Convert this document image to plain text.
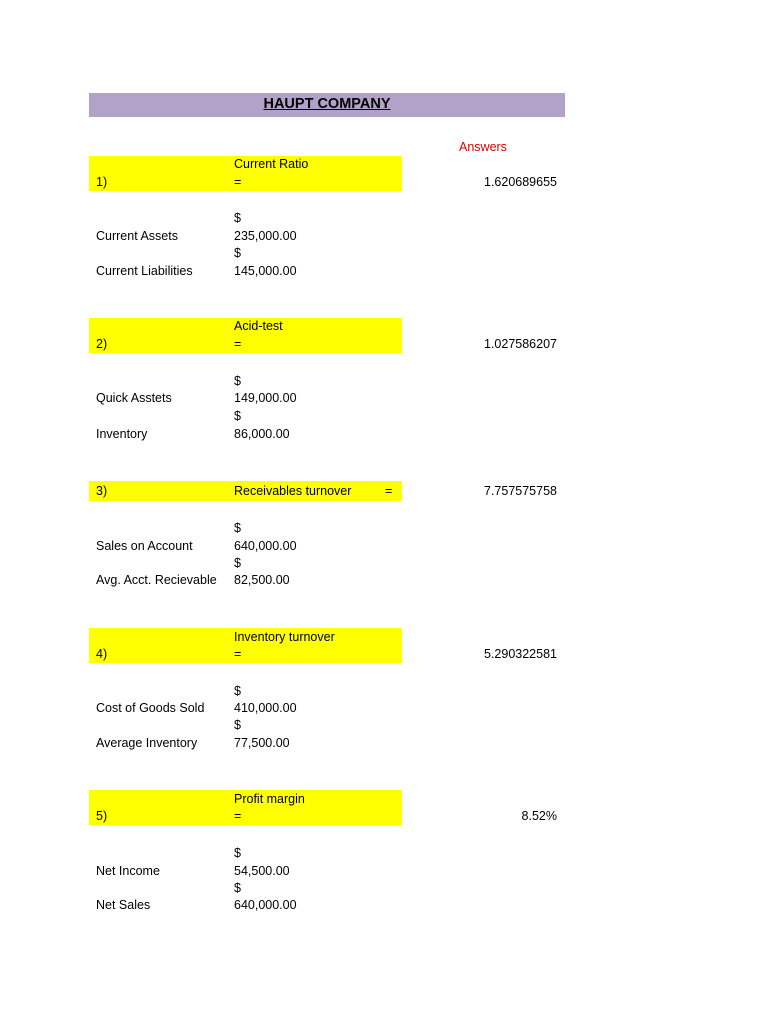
HAUPT COMPANY
Answers
Current Ratio
1)	=	1.620689655
$
Current Assets	235,000.00
$
Current Liabilities	145,000.00
Acid-test
2)	=	1.027586207
$
Quick Asstets	149,000.00
$
Inventory	86,000.00
3)	Receivables turnover	=	7.757575758
$
Sales on Account	640,000.00
$
Avg. Acct. Recievable 82,500.00
Inventory turnover
4)	=	5.290322581
$
Cost of Goods Sold 410,000.00
$
Average Inventory	77,500.00
Profit margin
5)	=	8.52%
$
Net Income	54,500.00
$
Net Sales	640,000.00
